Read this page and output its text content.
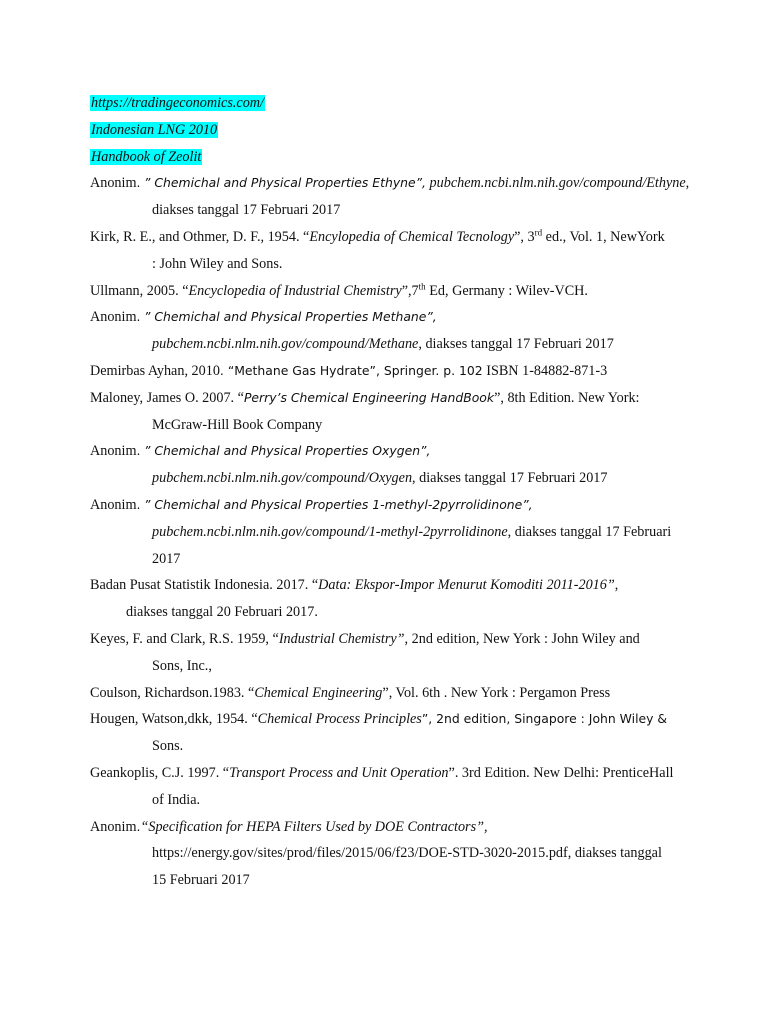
https://tradingeconomics.com/
Indonesian LNG 2010
Handbook of Zeolit
Anonim. ” Chemichal and Physical Properties Ethyne”, pubchem.ncbi.nlm.nih.gov/compound/Ethyne,
diakses tanggal 17 Februari 2017
Kirk, R. E., and Othmer, D. F., 1954. “Encylopedia of Chemical Tecnology”, 3rd ed., Vol. 1, NewYork
: John Wiley and Sons.
Ullmann, 2005. “Encyclopedia of Industrial Chemistry”,7th Ed, Germany : Wilev-VCH.
Anonim. ” Chemichal and Physical Properties Methane”,
pubchem.ncbi.nlm.nih.gov/compound/Methane, diakses tanggal 17 Februari 2017
Demirbas Ayhan, 2010. “Methane Gas Hydrate”, Springer. p. 102 ISBN 1-84882-871-3
Maloney, James O. 2007. “Perry’s Chemical Engineering HandBook”, 8th Edition. New York:
McGraw-Hill Book Company
Anonim. ” Chemichal and Physical Properties Oxygen”,
pubchem.ncbi.nlm.nih.gov/compound/Oxygen, diakses tanggal 17 Februari 2017
Anonim. ” Chemichal and Physical Properties 1-methyl-2pyrrolidinone”,
pubchem.ncbi.nlm.nih.gov/compound/1-methyl-2pyrrolidinone, diakses tanggal 17 Februari
2017
Badan Pusat Statistik Indonesia. 2017. “Data: Ekspor-Impor Menurut Komoditi 2011-2016”,
diakses tanggal 20 Februari 2017.
Keyes, F. and Clark, R.S. 1959, “Industrial Chemistry”, 2nd edition, New York : John Wiley and
Sons, Inc.,
Coulson, Richardson.1983. “Chemical Engineering”, Vol. 6th . New York : Pergamon Press
Hougen, Watson,dkk, 1954. “Chemical Process Principles”, 2nd edition, Singapore : John Wiley &
Sons.
Geankoplis, C.J. 1997. “Transport Process and Unit Operation”. 3rd Edition. New Delhi: PrenticeHall
of India.
Anonim.“Specification for HEPA Filters Used by DOE Contractors”,
https://energy.gov/sites/prod/files/2015/06/f23/DOE-STD-3020-2015.pdf, diakses tanggal
15 Februari 2017
